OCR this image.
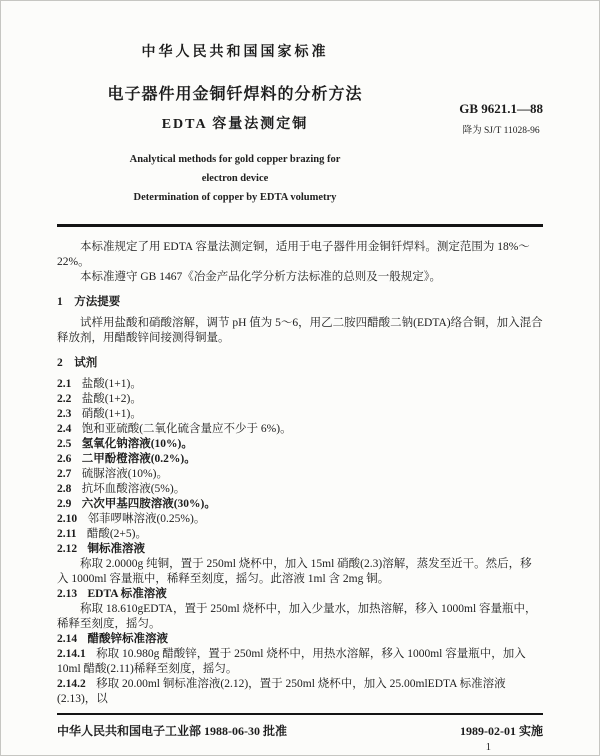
中华人民共和国国家标准
电子器件用金铜钎焊料的分析方法
EDTA 容量法测定铜
Analytical methods for gold copper brazing for
electron device
Determination of copper by EDTA volumetry
GB 9621.1—88
降为 SJ/T 11028-96
本标准规定了用 EDTA 容量法测定铜，适用于电子器件用金铜钎焊料。测定范围为 18%～22%。
本标准遵守 GB 1467《冶金产品化学分析方法标准的总则及一般规定》。
1　方法提要
试样用盐酸和硝酸溶解，调节 pH 值为 5～6，用乙二胺四醋酸二钠(EDTA)络合铜，加入混合释放剂，用醋酸锌间接测得铜量。
2　试剂
2.1 盐酸(1+1)。
2.2 盐酸(1+2)。
2.3 硝酸(1+1)。
2.4 饱和亚硫酸(二氧化硫含量应不少于 6%)。
2.5 氢氧化钠溶液(10%)。
2.6 二甲酚橙溶液(0.2%)。
2.7 硫脲溶液(10%)。
2.8 抗坏血酸溶液(5%)。
2.9 六次甲基四胺溶液(30%)。
2.10 邻菲啰啉溶液(0.25%)。
2.11 醋酸(2+5)。
2.12 铜标准溶液
称取 2.0000g 纯铜，置于 250ml 烧杯中，加入 15ml 硝酸(2.3)溶解，蒸发至近干。然后，移入 1000ml 容量瓶中，稀释至刻度，摇匀。此溶液 1ml 含 2mg 铜。
2.13 EDTA 标准溶液
称取 18.610gEDTA，置于 250ml 烧杯中，加入少量水，加热溶解，移入 1000ml 容量瓶中，稀释至刻度，摇匀。
2.14 醋酸锌标准溶液
2.14.1 称取 10.980g 醋酸锌，置于 250ml 烧杯中，用热水溶解，移入 1000ml 容量瓶中，加入 10ml 醋酸(2.11)稀释至刻度，摇匀。
2.14.2 移取 20.00ml 铜标准溶液(2.12)，置于 250ml 烧杯中，加入 25.00mlEDTA 标准溶液(2.13)，以
中华人民共和国电子工业部 1988-06-30 批准	1989-02-01 实施
1
